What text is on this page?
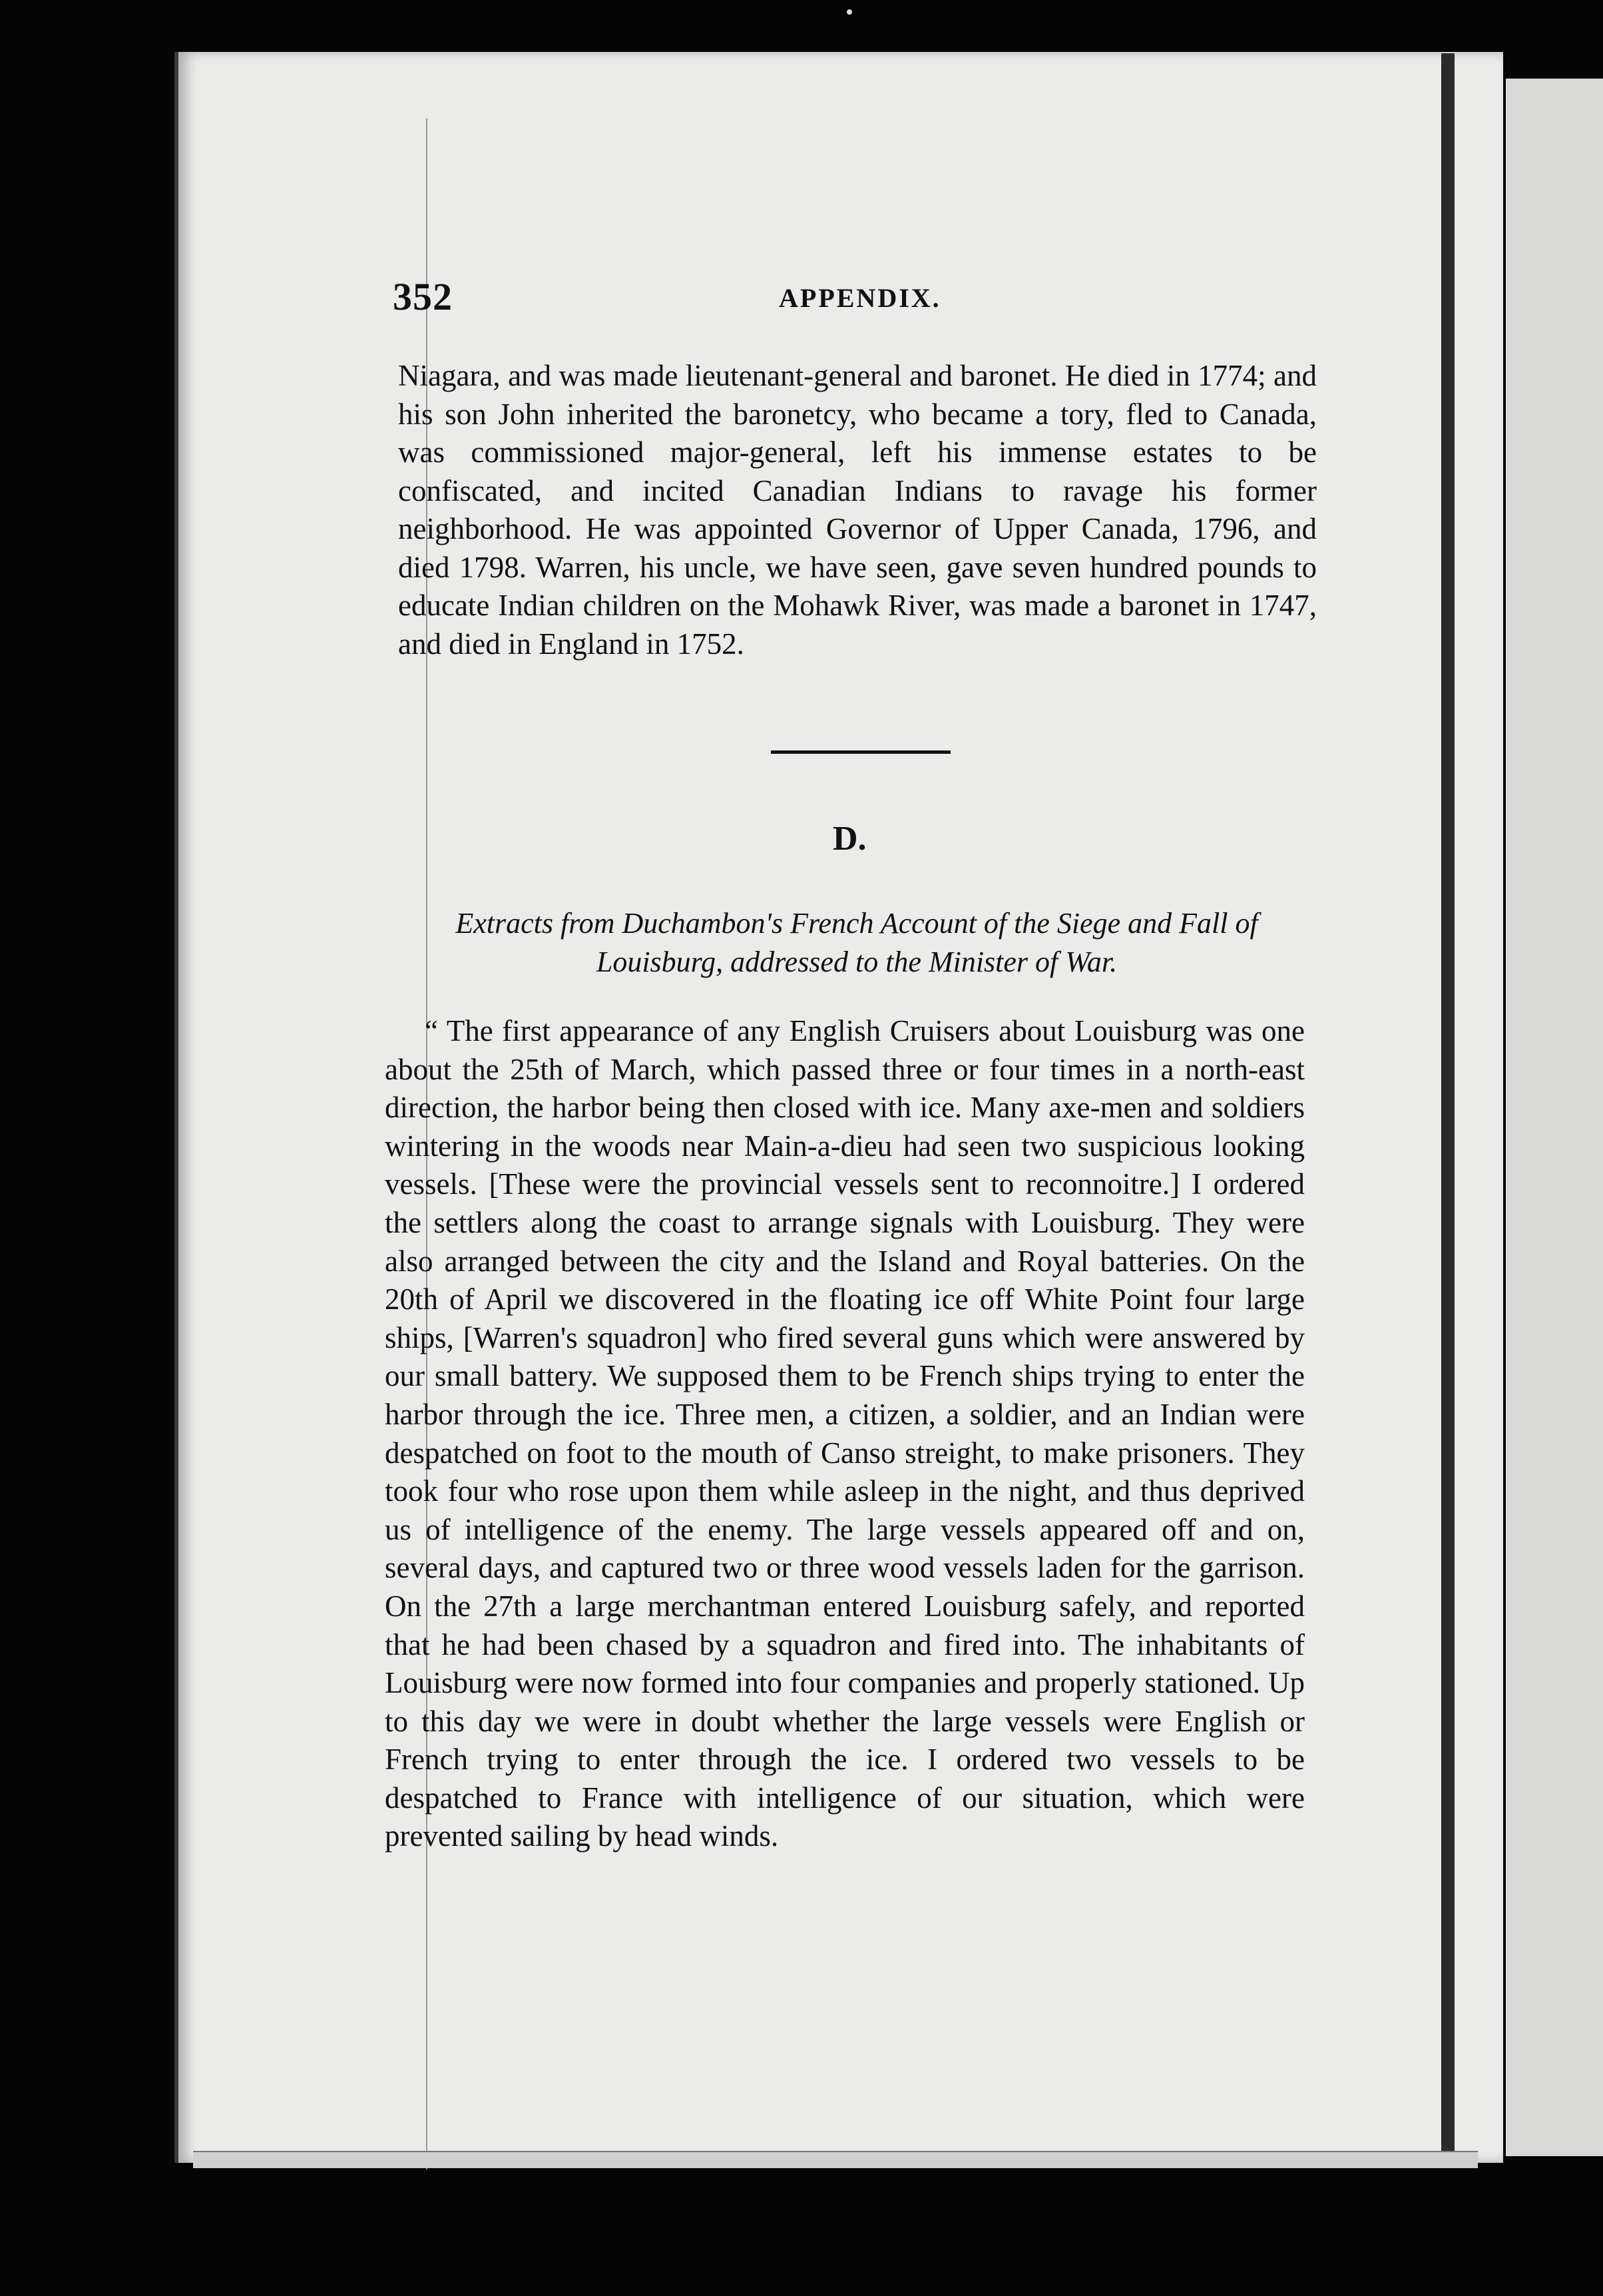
352	APPENDIX.

Niagara, and was made lieutenant-general and baronet. He died in 1774; and his son John inherited the baronetcy, who became a tory, fled to Canada, was commissioned major-general, left his immense estates to be confiscated, and incited Canadian Indians to ravage his former neighborhood. He was appointed Governor of Upper Canada, 1796, and died 1798. Warren, his uncle, we have seen, gave seven hundred pounds to educate Indian children on the Mohawk River, was made a baronet in 1747, and died in England in 1752.

D.
Extracts from Duchambon's French Account of the Siege and Fall of Louisburg, addressed to the Minister of War.

“ The first appearance of any English Cruisers about Louisburg was one about the 25th of March, which passed three or four times in a north-east direction, the harbor being then closed with ice. Many axe-men and soldiers wintering in the woods near Main-a-dieu had seen two suspicious looking vessels. [These were the provincial vessels sent to reconnoitre.] I ordered the settlers along the coast to arrange signals with Louisburg. They were also arranged between the city and the Island and Royal batteries. On the 20th of April we discovered in the floating ice off White Point four large ships, [Warren's squadron] who fired several guns which were answered by our small battery. We supposed them to be French ships trying to enter the harbor through the ice. Three men, a citizen, a soldier, and an Indian were despatched on foot to the mouth of Canso streight, to make prisoners. They took four who rose upon them while asleep in the night, and thus deprived us of intelligence of the enemy. The large vessels appeared off and on, several days, and captured two or three wood vessels laden for the garrison. On the 27th a large merchantman entered Louisburg safely, and reported that he had been chased by a squadron and fired into. The inhabitants of Louisburg were now formed into four companies and properly stationed. Up to this day we were in doubt whether the large vessels were English or French trying to enter through the ice. I ordered two vessels to be despatched to France with intelligence of our situation, which were prevented sailing by head winds.
